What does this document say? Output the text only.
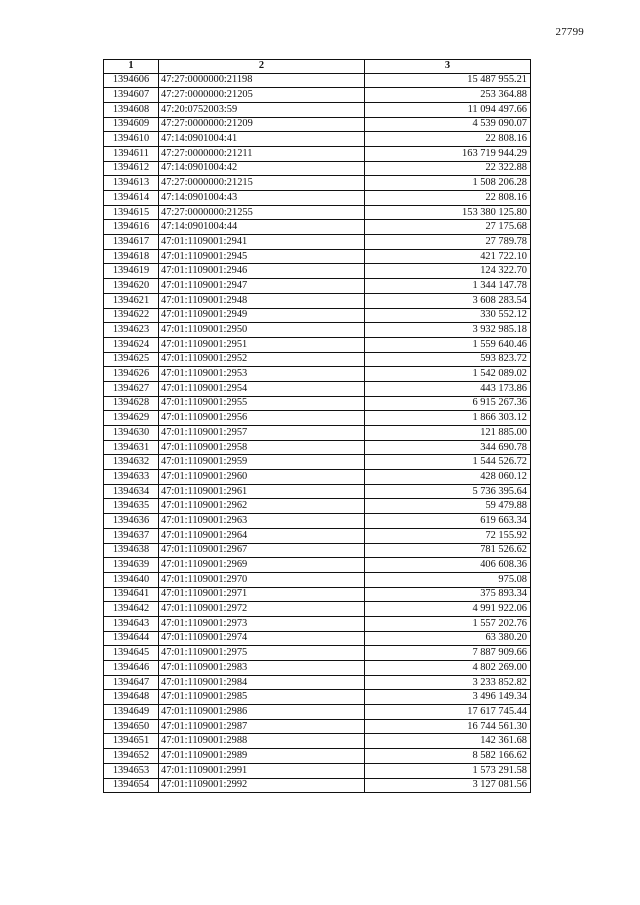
27799
1	2	3
1394606	47:27:0000000:21198	15 487 955.21
1394607	47:27:0000000:21205	253 364.88
1394608	47:20:0752003:59	11 094 497.66
1394609	47:27:0000000:21209	4 539 090.07
1394610	47:14:0901004:41	22 808.16
1394611	47:27:0000000:21211	163 719 944.29
1394612	47:14:0901004:42	22 322.88
1394613	47:27:0000000:21215	1 508 206.28
1394614	47:14:0901004:43	22 808.16
1394615	47:27:0000000:21255	153 380 125.80
1394616	47:14:0901004:44	27 175.68
1394617	47:01:1109001:2941	27 789.78
1394618	47:01:1109001:2945	421 722.10
1394619	47:01:1109001:2946	124 322.70
1394620	47:01:1109001:2947	1 344 147.78
1394621	47:01:1109001:2948	3 608 283.54
1394622	47:01:1109001:2949	330 552.12
1394623	47:01:1109001:2950	3 932 985.18
1394624	47:01:1109001:2951	1 559 640.46
1394625	47:01:1109001:2952	593 823.72
1394626	47:01:1109001:2953	1 542 089.02
1394627	47:01:1109001:2954	443 173.86
1394628	47:01:1109001:2955	6 915 267.36
1394629	47:01:1109001:2956	1 866 303.12
1394630	47:01:1109001:2957	121 885.00
1394631	47:01:1109001:2958	344 690.78
1394632	47:01:1109001:2959	1 544 526.72
1394633	47:01:1109001:2960	428 060.12
1394634	47:01:1109001:2961	5 736 395.64
1394635	47:01:1109001:2962	59 479.88
1394636	47:01:1109001:2963	619 663.34
1394637	47:01:1109001:2964	72 155.92
1394638	47:01:1109001:2967	781 526.62
1394639	47:01:1109001:2969	406 608.36
1394640	47:01:1109001:2970	975.08
1394641	47:01:1109001:2971	375 893.34
1394642	47:01:1109001:2972	4 991 922.06
1394643	47:01:1109001:2973	1 557 202.76
1394644	47:01:1109001:2974	63 380.20
1394645	47:01:1109001:2975	7 887 909.66
1394646	47:01:1109001:2983	4 802 269.00
1394647	47:01:1109001:2984	3 233 852.82
1394648	47:01:1109001:2985	3 496 149.34
1394649	47:01:1109001:2986	17 617 745.44
1394650	47:01:1109001:2987	16 744 561.30
1394651	47:01:1109001:2988	142 361.68
1394652	47:01:1109001:2989	8 582 166.62
1394653	47:01:1109001:2991	1 573 291.58
1394654	47:01:1109001:2992	3 127 081.56
